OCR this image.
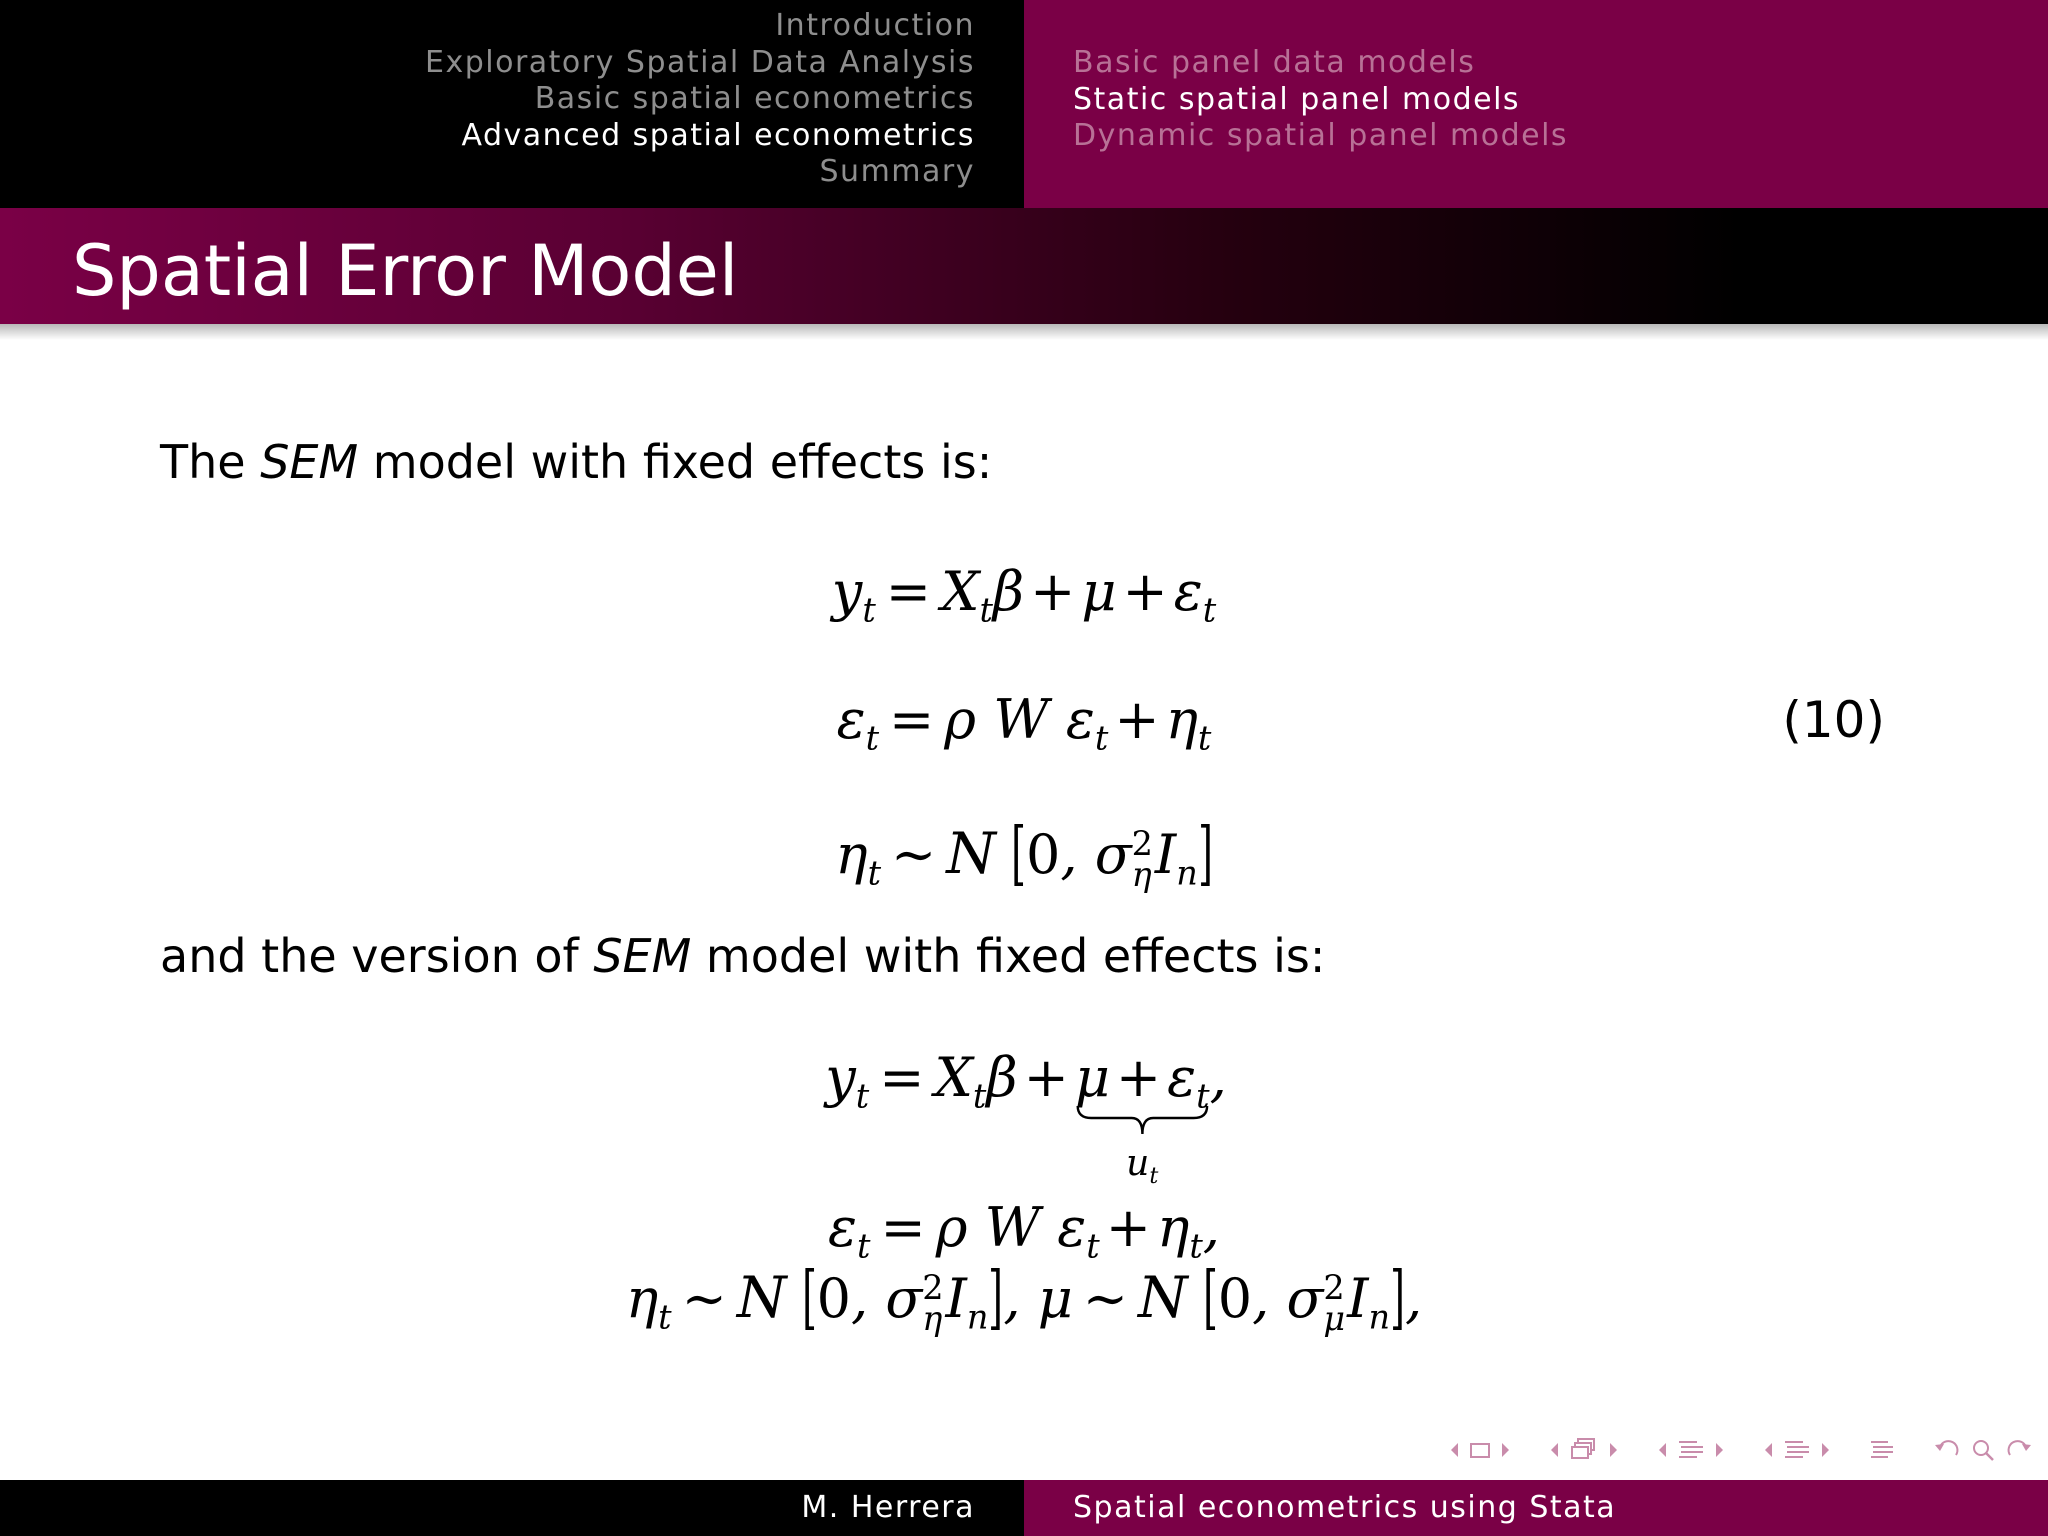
Introduction
Exploratory Spatial Data Analysis
Basic spatial econometrics
Advanced spatial econometrics
Summary
Basic panel data models
Static spatial panel models
Dynamic spatial panel models
Spatial Error Model
The SEM model with fixed effects is:
$y_t = X_t\beta + \mu + \varepsilon_t$
$\varepsilon_t = \rho$ W $\varepsilon_t + \eta_t$
$\eta_t$ ∼ N [0, σ 2
η $I_n$]
(10)
and the version of SEM model with fixed effects is:
$y_t = X_t\beta + \mu + \varepsilon_t$
$u_t$
,
$\varepsilon_t = \rho$ W $\varepsilon_t + \eta_t$,
$\eta_t$ ∼ N [0, σ 2
η $I_n$], μ ∼ N [0, σ 2
μ $I_n$],
M. Herrera	Spatial econometrics using Stata
